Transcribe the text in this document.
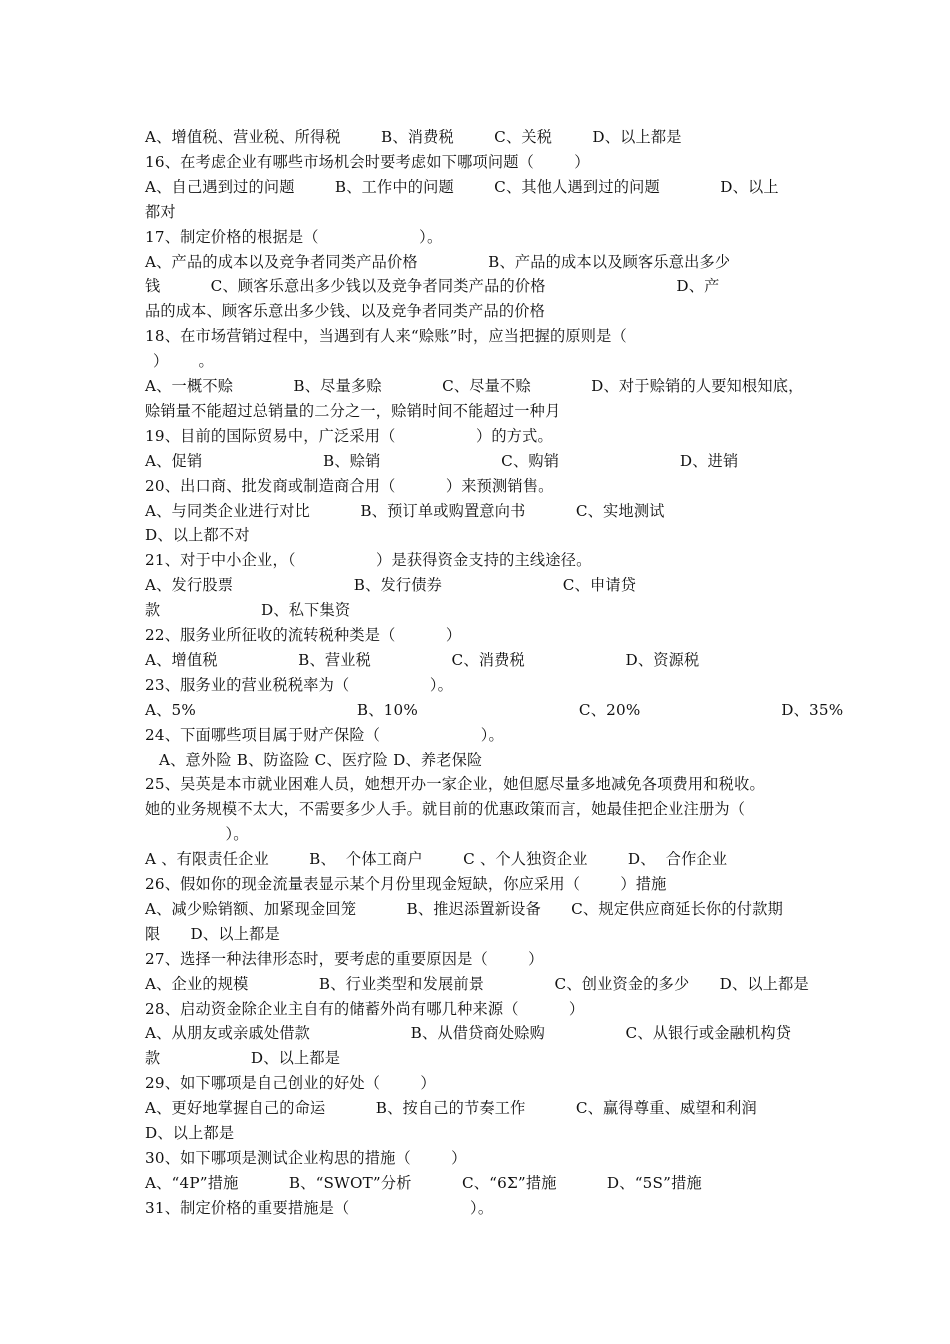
A、增值税、营业税、所得税        B、消费税        C、关税        D、以上都是
16、在考虑企业有哪些市场机会时要考虑如下哪项问题（        ）
A、自己遇到过的问题        B、工作中的问题        C、其他人遇到过的问题            D、以上
都对
17、制定价格的根据是（                    ）。
A、产品的成本以及竞争者同类产品价格              B、产品的成本以及顾客乐意出多少
钱          C、顾客乐意出多少钱以及竞争者同类产品的价格                          D、产
品的成本、顾客乐意出多少钱、以及竞争者同类产品的价格
18、在市场营销过程中，当遇到有人来“赊账”时，应当把握的原则是（
）      。
A、一概不赊            B、尽量多赊            C、尽量不赊            D、对于赊销的人要知根知底，
赊销量不能超过总销量的二分之一，赊销时间不能超过一种月
19、目前的国际贸易中，广泛采用（                ）的方式。
A、促销                        B、赊销                        C、购销                        D、进销
20、出口商、批发商或制造商合用（          ）来预测销售。
A、与同类企业进行对比          B、预订单或购置意向书          C、实地测试
D、以上都不对
21、对于中小企业，（                ）是获得资金支持的主线途径。
A、发行股票                        B、发行债券                        C、申请贷
款                    D、私下集资
22、服务业所征收的流转税种类是（          ）
A、增值税                B、营业税                C、消费税                    D、资源税
23、服务业的营业税税率为（                ）。
A、5%                                B、10%                                C、20%                            D、35%
24、下面哪些项目属于财产保险（                    ）。
A、意外险 B、防盗险 C、医疗险 D、养老保险
25、吴英是本市就业困难人员，她想开办一家企业，她但愿尽量多地减免各项费用和税收。
她的业务规模不太大，不需要多少人手。就目前的优惠政策而言，她最佳把企业注册为（
）。
A 、有限责任企业        B、  个体工商户        C 、个人独资企业        D、  合作企业
26、假如你的现金流量表显示某个月份里现金短缺，你应采用（        ）措施
A、减少赊销额、加紧现金回笼          B、推迟添置新设备      C、规定供应商延长你的付款期
限      D、以上都是
27、选择一种法律形态时，要考虑的重要原因是（        ）
A、企业的规模              B、行业类型和发展前景              C、创业资金的多少      D、以上都是
28、启动资金除企业主自有的储蓄外尚有哪几种来源（          ）
A、从朋友或亲戚处借款                    B、从借贷商处赊购                C、从银行或金融机构贷
款                  D、以上都是
29、如下哪项是自己创业的好处（        ）
A、更好地掌握自己的命运          B、按自己的节奏工作          C、赢得尊重、威望和利润
D、以上都是
30、如下哪项是测试企业构思的措施（        ）
A、“4P”措施          B、“SWOT”分析          C、“6Σ”措施          D、“5S”措施
31、制定价格的重要措施是（                        ）。
